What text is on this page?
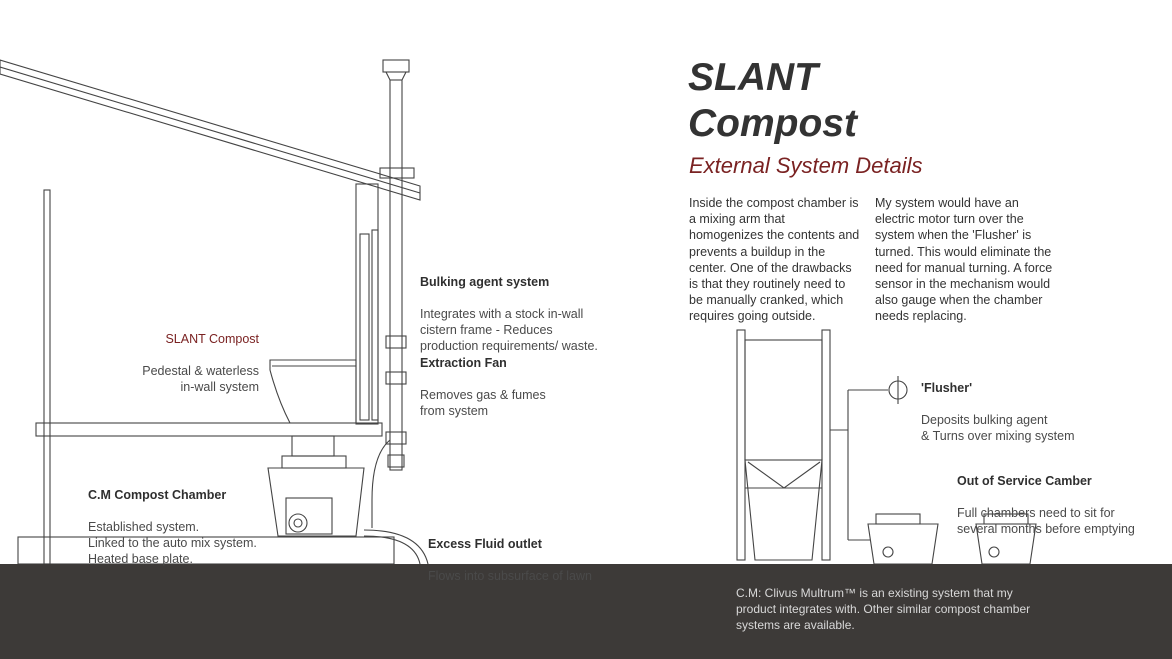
SLANT
Compost
External System Details
Inside the compost chamber is a mixing arm that homogenizes the contents and prevents a buildup in the center. One of the drawbacks is that they routinely need to be manually cranked, which requires going outside.
My system would have an electric motor turn over the system when the 'Flusher' is turned. This would eliminate the need for manual turning. A force sensor in the mechanism would also gauge when the chamber needs replacing.

SLANT Compost

Pedestal & waterless
in-wall system

Bulking agent system

Integrates with a stock in-wall
cistern frame - Reduces
production requirements/ waste.

Extraction Fan

Removes gas & fumes
from system

C.M Compost Chamber

Established system.
Linked to the auto mix system.
Heated base plate.

Excess Fluid outlet

Flows into subsurface of lawn

'Flusher'

Deposits bulking agent
& Turns over mixing system

Out of Service Camber

Full chambers need to sit for
several months before emptying

C.M: Clivus Multrum™ is an existing system that my product integrates with. Other similar compost chamber systems are available.
